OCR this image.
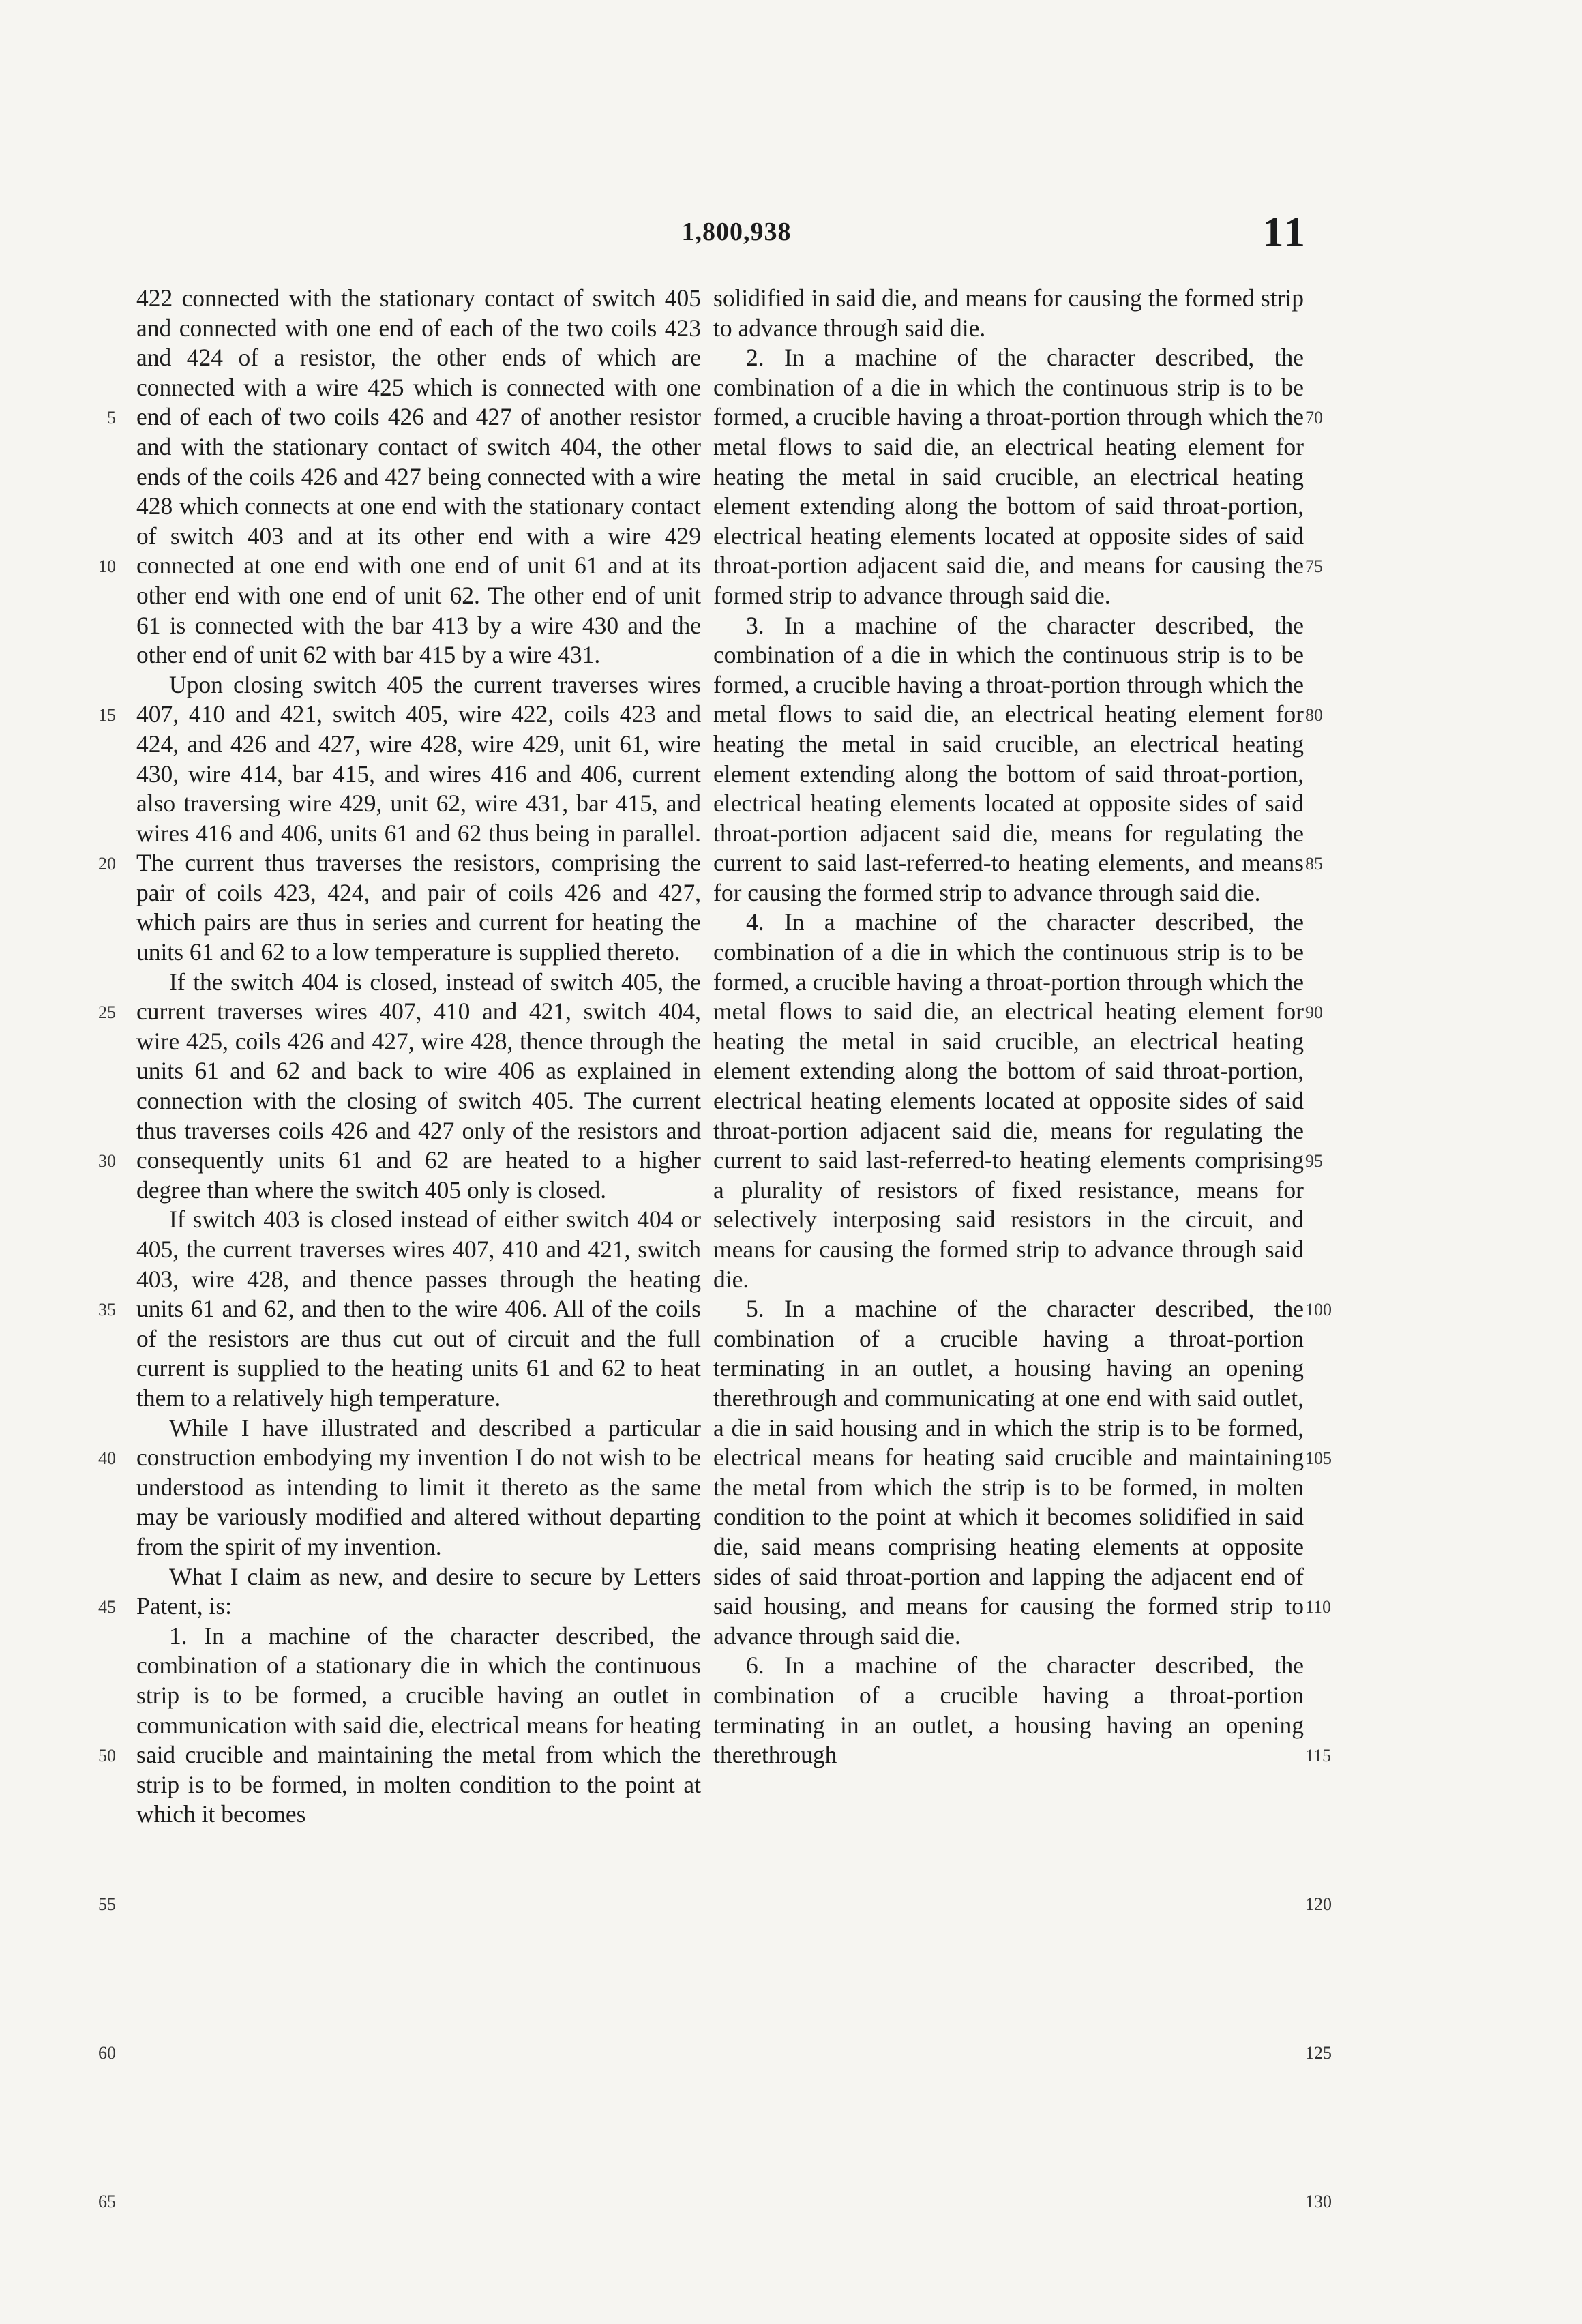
1,800,938	11

422 connected with the stationary contact of switch 405 and connected with one end of each of the two coils 423 and 424 of a resistor, the other ends of which are connected with a wire 425 which is connected with one end of each of two coils 426 and 427 of another resistor and with the stationary contact of switch 404, the other ends of the coils 426 and 427 being connected with a wire 428 which connects at one end with the stationary contact of switch 403 and at its other end with a wire 429 connected at one end with one end of unit 61 and at its other end with one end of unit 62. The other end of unit 61 is connected with the bar 413 by a wire 430 and the other end of unit 62 with bar 415 by a wire 431.

Upon closing switch 405 the current traverses wires 407, 410 and 421, switch 405, wire 422, coils 423 and 424, and 426 and 427, wire 428, wire 429, unit 61, wire 430, wire 414, bar 415, and wires 416 and 406, current also traversing wire 429, unit 62, wire 431, bar 415, and wires 416 and 406, units 61 and 62 thus being in parallel. The current thus traverses the resistors, comprising the pair of coils 423, 424, and pair of coils 426 and 427, which pairs are thus in series and current for heating the units 61 and 62 to a low temperature is supplied thereto.

If the switch 404 is closed, instead of switch 405, the current traverses wires 407, 410 and 421, switch 404, wire 425, coils 426 and 427, wire 428, thence through the units 61 and 62 and back to wire 406 as explained in connection with the closing of switch 405. The current thus traverses coils 426 and 427 only of the resistors and consequently units 61 and 62 are heated to a higher degree than where the switch 405 only is closed.

If switch 403 is closed instead of either switch 404 or 405, the current traverses wires 407, 410 and 421, switch 403, wire 428, and thence passes through the heating units 61 and 62, and then to the wire 406. All of the coils of the resistors are thus cut out of circuit and the full current is supplied to the heating units 61 and 62 to heat them to a relatively high temperature.

While I have illustrated and described a particular construction embodying my invention I do not wish to be understood as intending to limit it thereto as the same may be variously modified and altered without departing from the spirit of my invention.

What I claim as new, and desire to secure by Letters Patent, is:

1. In a machine of the character described, the combination of a stationary die in which the continuous strip is to be formed, a crucible having an outlet in communication with said die, electrical means for heating said crucible and maintaining the metal from which the strip is to be formed, in molten condition to the point at which it becomes

solidified in said die, and means for causing the formed strip to advance through said die.

2. In a machine of the character described, the combination of a die in which the continuous strip is to be formed, a crucible having a throat-portion through which the metal flows to said die, an electrical heating element for heating the metal in said crucible, an electrical heating element extending along the bottom of said throat-portion, electrical heating elements located at opposite sides of said throat-portion adjacent said die, and means for causing the formed strip to advance through said die.

3. In a machine of the character described, the combination of a die in which the continuous strip is to be formed, a crucible having a throat-portion through which the metal flows to said die, an electrical heating element for heating the metal in said crucible, an electrical heating element extending along the bottom of said throat-portion, electrical heating elements located at opposite sides of said throat-portion adjacent said die, means for regulating the current to said last-referred-to heating elements, and means for causing the formed strip to advance through said die.

4. In a machine of the character described, the combination of a die in which the continuous strip is to be formed, a crucible having a throat-portion through which the metal flows to said die, an electrical heating element for heating the metal in said crucible, an electrical heating element extending along the bottom of said throat-portion, electrical heating elements located at opposite sides of said throat-portion adjacent said die, means for regulating the current to said last-referred-to heating elements comprising a plurality of resistors of fixed resistance, means for selectively interposing said resistors in the circuit, and means for causing the formed strip to advance through said die.

5. In a machine of the character described, the combination of a crucible having a throat-portion terminating in an outlet, a housing having an opening therethrough and communicating at one end with said outlet, a die in said housing and in which the strip is to be formed, electrical means for heating said crucible and maintaining the metal from which the strip is to be formed, in molten condition to the point at which it becomes solidified in said die, said means comprising heating elements at opposite sides of said throat-portion and lapping the adjacent end of said housing, and means for causing the formed strip to advance through said die.

6. In a machine of the character described, the combination of a crucible having a throat-portion terminating in an outlet, a housing having an opening therethrough

5
10
15
20
25
30
35
40
45
50
55
60
65
70
75
80
85
90
95
100
105
110
115
120
125
130
